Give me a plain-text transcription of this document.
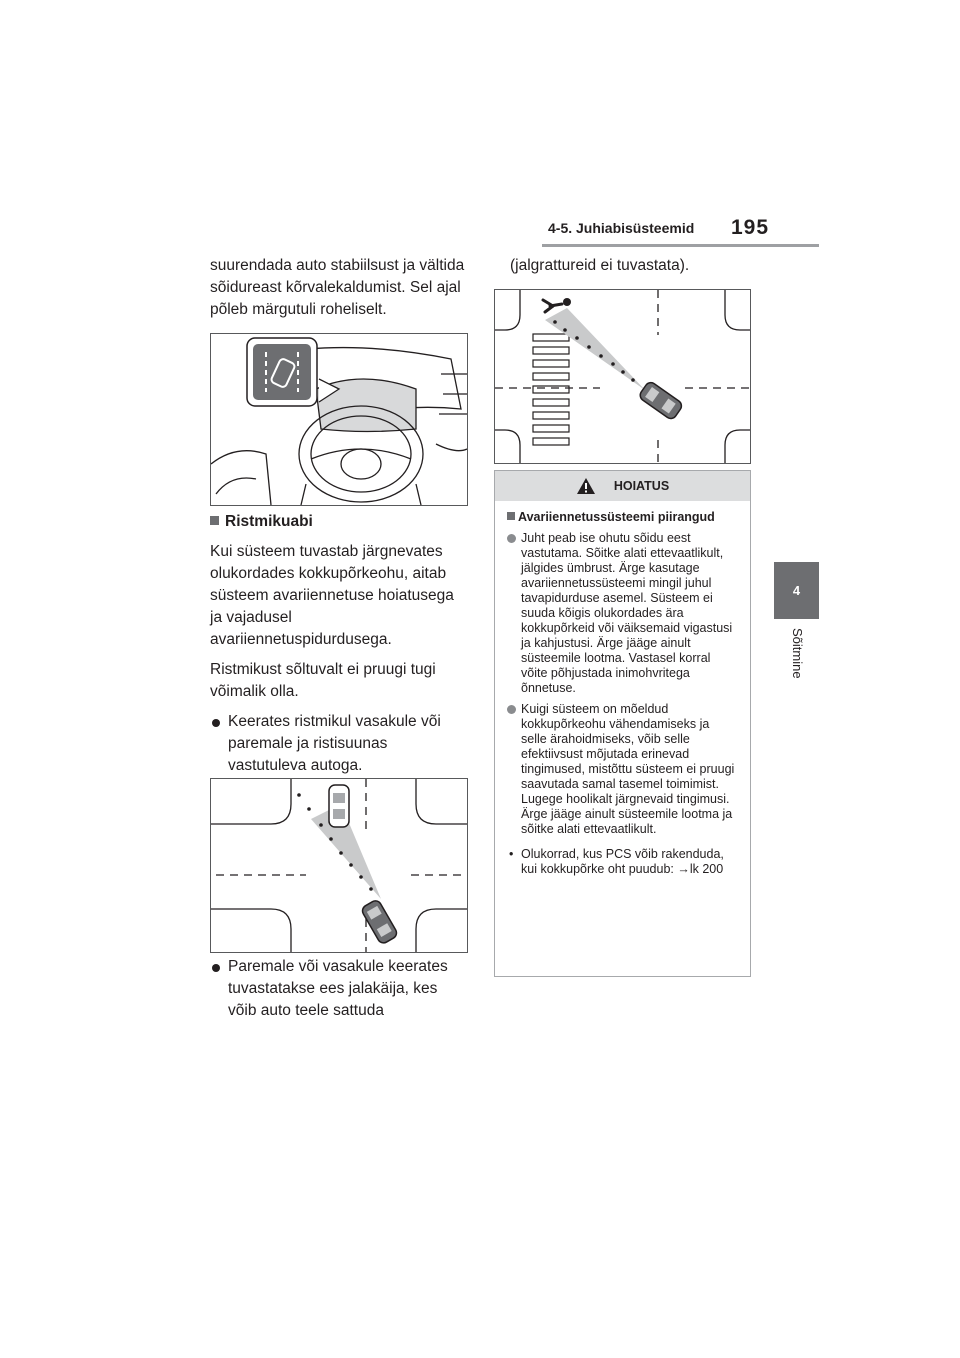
4-5. Juhiabisüsteemid 195
4
Sõitmine

suurendada auto stabiilsust ja vältida sõidureast kõrvalekaldumist. Sel ajal põleb märgutuli roheliselt.

Ristmikuabi

Kui süsteem tuvastab järgnevates olukordades kokkupõrkeohu, aitab süsteem avariiennetuse hoiatusega ja vajadusel avariiennetuspidurdusega.

Ristmikust sõltuvalt ei pruugi tugi võimalik olla.

Keerates ristmikul vasakule või paremale ja ristisuunas vastutuleva autoga.

Paremale või vasakule keerates tuvastatakse ees jalakäija, kes võib auto teele sattuda

(jalgrattureid ei tuvastata).

HOIATUS

Avariiennetussüsteemi piirangud

Juht peab ise ohutu sõidu eest vastutama. Sõitke alati ettevaatlikult, jälgides ümbrust. Ärge kasutage avariiennetussüsteemi mingil juhul tavapidurduse asemel. Süsteem ei suuda kõigis olukordades ära kokkupõrkeid või väiksemaid vigastusi ja kahjustusi. Ärge jääge ainult süsteemile lootma. Vastasel korral võite põhjustada inimohvritega õnnetuse.

Kuigi süsteem on mõeldud kokkupõrkeohu vähendamiseks ja selle ärahoidmiseks, võib selle efektiivsust mõjutada erinevad tingimused, mistõttu süsteem ei pruugi saavutada samal tasemel toimimist.

Lugege hoolikalt järgnevaid tingimusi. Ärge jääge ainult süsteemile lootma ja sõitke alati ettevaatlikult.

• Olukorrad, kus PCS võib rakenduda, kui kokkupõrke oht puudub: →lk 200
